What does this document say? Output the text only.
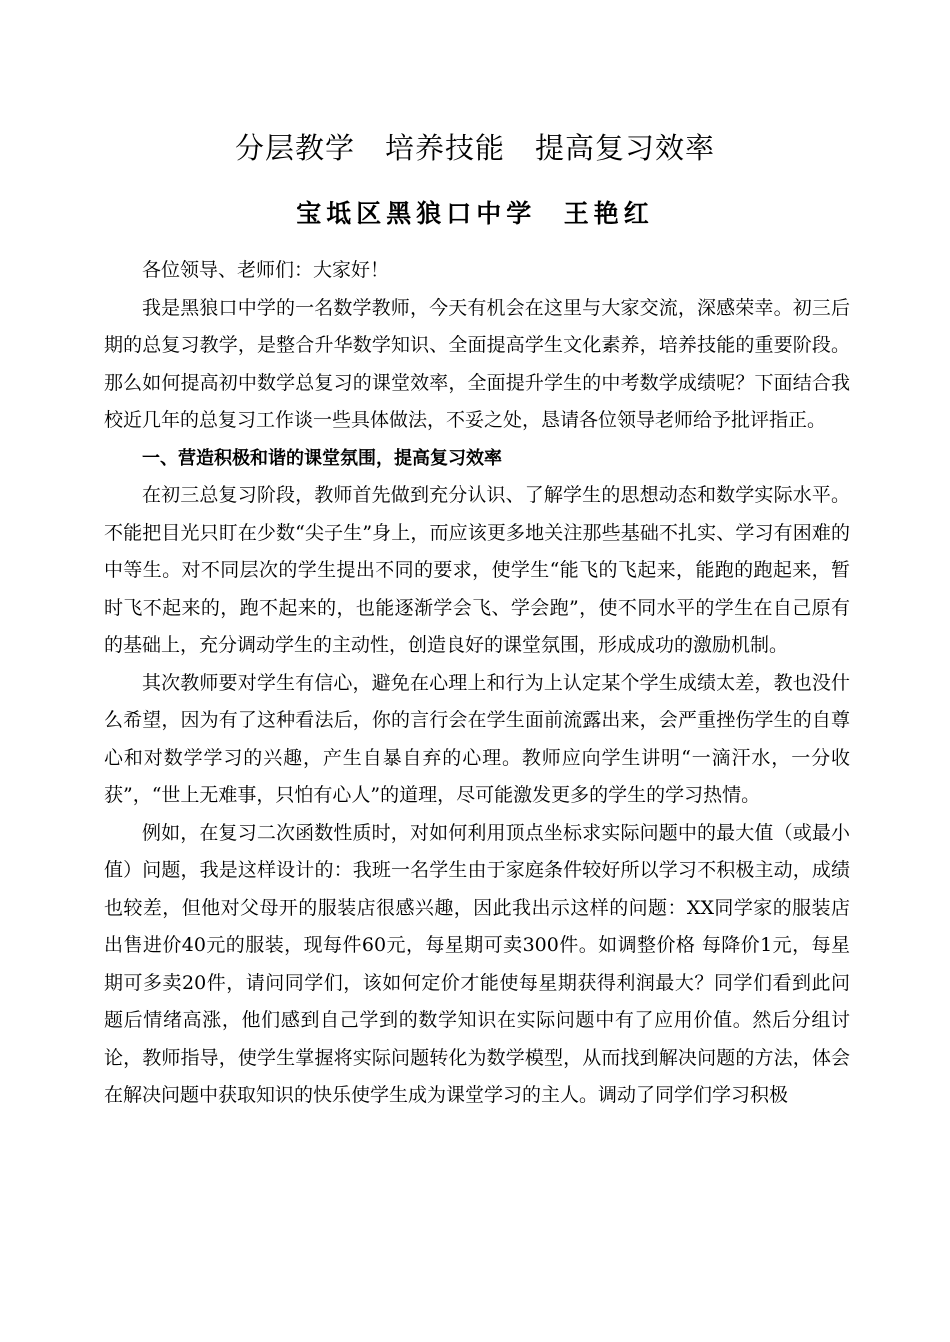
分层教学　培养技能　提高复习效率
宝坻区黑狼口中学  王艳红

各位领导、老师们：大家好！

我是黑狼口中学的一名数学教师，今天有机会在这里与大家交流，深感荣幸。初三后期的总复习教学，是整合升华数学知识、全面提高学生文化素养，培养技能的重要阶段。那么如何提高初中数学总复习的课堂效率，全面提升学生的中考数学成绩呢？下面结合我校近几年的总复习工作谈一些具体做法，不妥之处，恳请各位领导老师给予批评指正。

一、营造积极和谐的课堂氛围，提高复习效率

在初三总复习阶段，教师首先做到充分认识、了解学生的思想动态和数学实际水平。不能把目光只盯在少数“尖子生”身上，而应该更多地关注那些基础不扎实、学习有困难的中等生。对不同层次的学生提出不同的要求，使学生“能飞的飞起来，能跑的跑起来，暂时飞不起来的，跑不起来的，也能逐渐学会飞、学会跑”，使不同水平的学生在自己原有的基础上，充分调动学生的主动性，创造良好的课堂氛围，形成成功的激励机制。

其次教师要对学生有信心，避免在心理上和行为上认定某个学生成绩太差，教也没什么希望，因为有了这种看法后，你的言行会在学生面前流露出来，会严重挫伤学生的自尊心和对数学学习的兴趣，产生自暴自弃的心理。教师应向学生讲明“一滴汗水，一分收获”，“世上无难事，只怕有心人”的道理，尽可能激发更多的学生的学习热情。

例如，在复习二次函数性质时，对如何利用顶点坐标求实际问题中的最大值（或最小值）问题，我是这样设计的：我班一名学生由于家庭条件较好所以学习不积极主动，成绩也较差，但他对父母开的服装店很感兴趣，因此我出示这样的问题：XX同学家的服装店出售进价40元的服装，现每件60元，每星期可卖300件。如调整价格 每降价1元，每星期可多卖20件，请问同学们，该如何定价才能使每星期获得利润最大？同学们看到此问题后情绪高涨，他们感到自己学到的数学知识在实际问题中有了应用价值。然后分组讨论，教师指导，使学生掌握将实际问题转化为数学模型，从而找到解决问题的方法，体会在解决问题中获取知识的快乐使学生成为课堂学习的主人。调动了同学们学习积极
